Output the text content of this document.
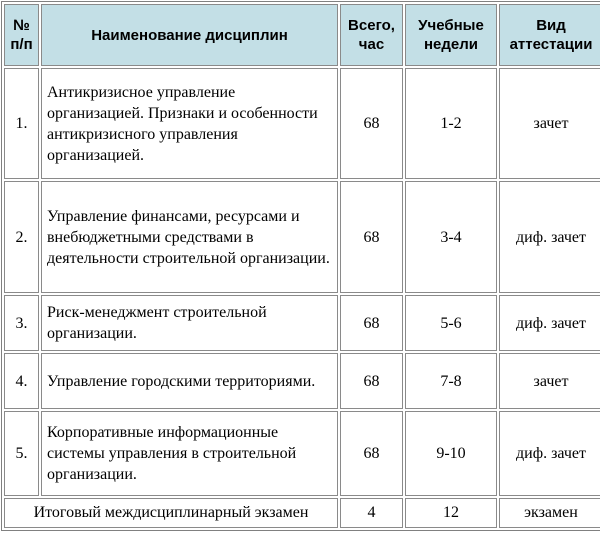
№ п/п	Наименование дисциплин	Всего, час	Учебные недели	Вид аттестации
1.	Антикризисное управление организацией. Признаки и особенности антикризисного управления организацией.	68	1-2	зачет
2.	Управление финансами, ресурсами и внебюджетными средствами в деятельности строительной организации.	68	3-4	диф. зачет
3.	Риск-менеджмент строительной организации.	68	5-6	диф. зачет
4.	Управление городскими территориями.	68	7-8	зачет
5.	Корпоративные информационные системы управления в строительной организации.	68	9-10	диф. зачет
Итоговый междисциплинарный экзамен		4	12	экзамен
